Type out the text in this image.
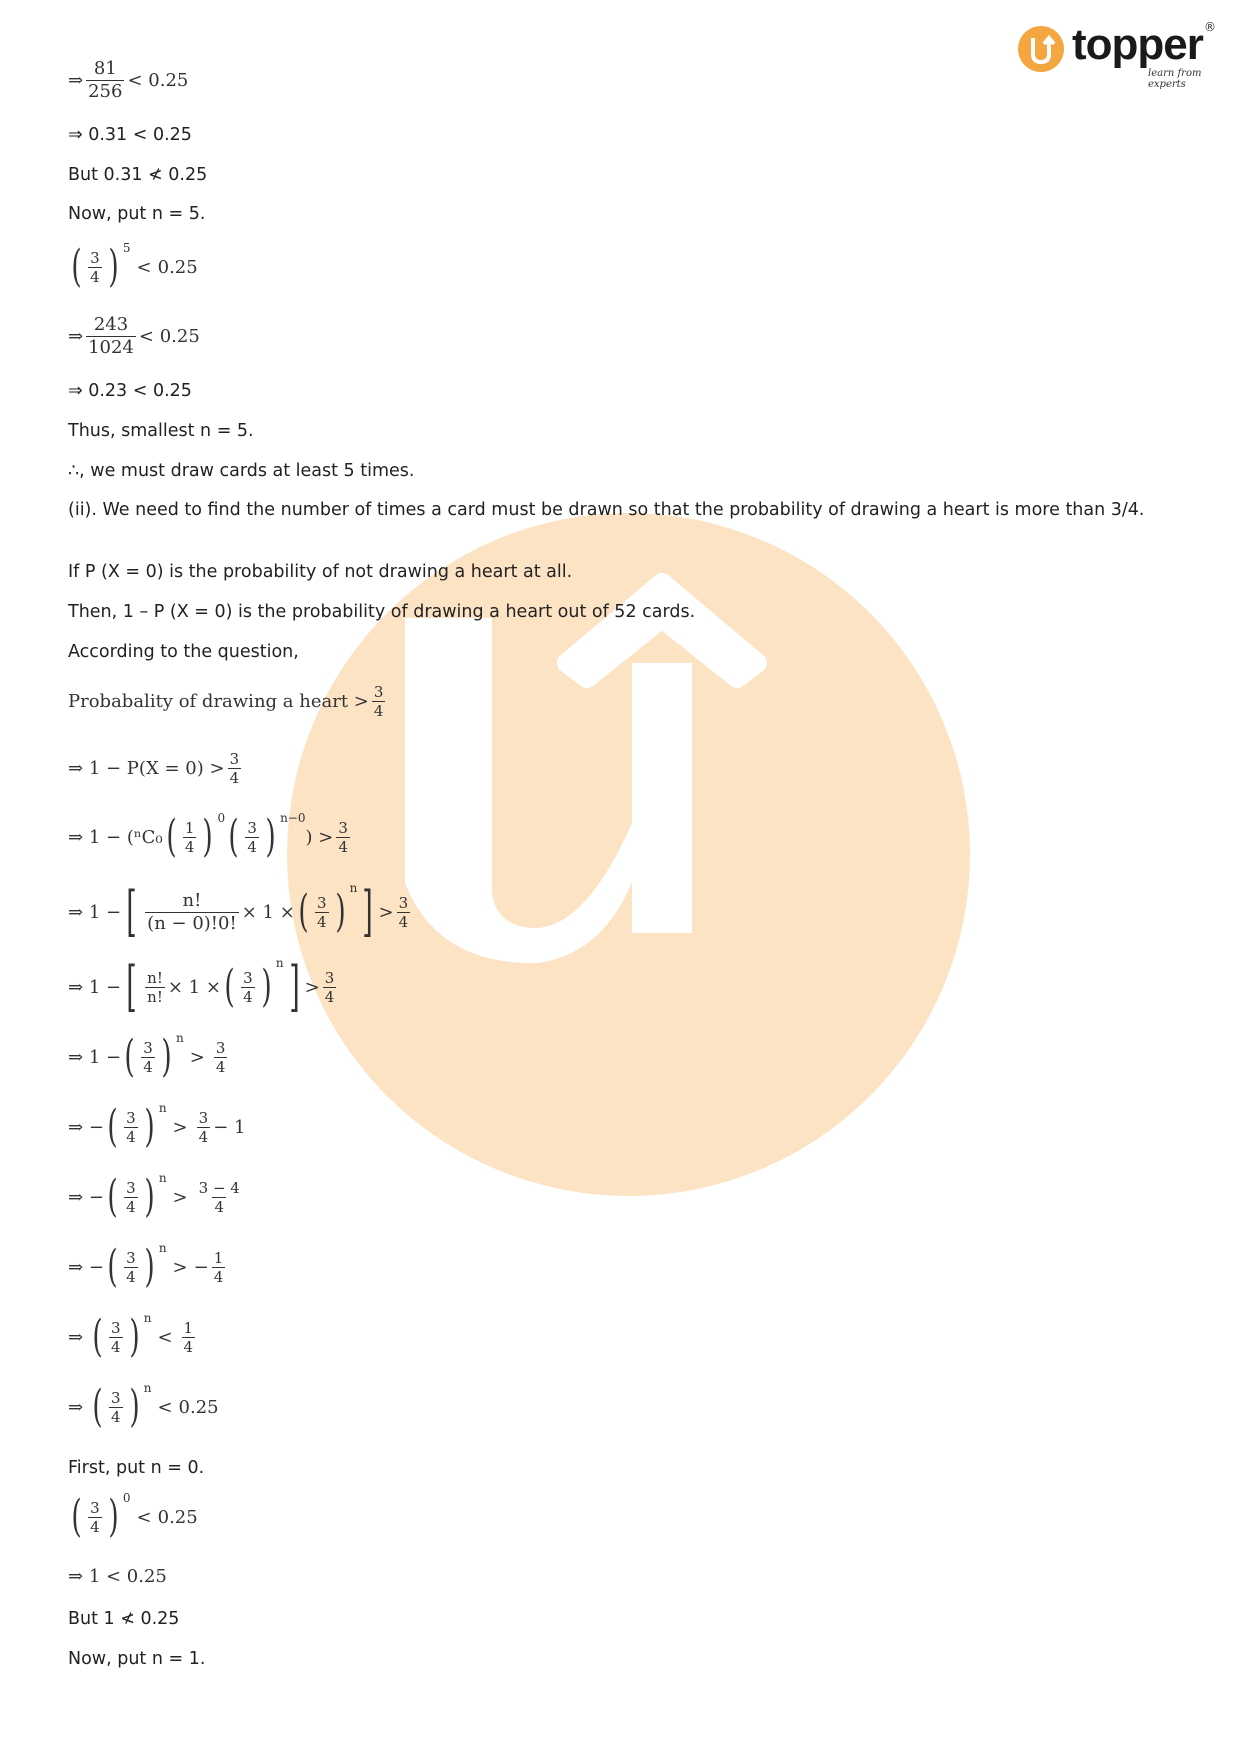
topper
learn from experts
®
⇒
81
256
<
0.25
⇒ 0.31 < 0.25
But 0.31 ≮ 0.25
Now, put n = 5.
( 3
4 ) 5
< 0.25
⇒
243
1024
<
0.25
⇒ 0.23 < 0.25
Thus, smallest n = 5.
∴, we must draw cards at least 5 times.
(ii). We need to find the number of times a card must be drawn so that the probability of drawing a heart is more than 3/4.
If P (X = 0) is the probability of not drawing a heart at all.
Then, 1 – P (X = 0) is the probability of drawing a heart out of 52 cards.
According to the question,
Probabality of drawing a heart
> 3
4
⇒
1 − P(X = 0)
> 3
4
⇒
1 −
(ⁿC₀ ( 1
4 ) 0 ( 3
4 ) n−0
)
> 3
4
⇒
1 − [ $\frac{n!}{(n - 0)!0!} \times 1$ × ( 3
4 ) n ] > 3
4
⇒
1 − [ $\frac{n!}{n!} \times 1$ × ( 3
4 ) n ] > 3
4
⇒
1 − ( 3
4 ) n
> 3
4
⇒
− ( 3
4 ) n
> 3
4 − 1
⇒
− ( 3
4 ) n
> 3 − 4
4
⇒
− ( 3
4 ) n
> − $\frac{1}{4}$
⇒
( 3
4 ) n
< 1
4
⇒
( 3
4 ) n
< 0.25
First, put n = 0.
( 3
4 ) 0
< 0.25
⇒
1 < 0.25
But 1 ≮ 0.25
Now, put n = 1.
